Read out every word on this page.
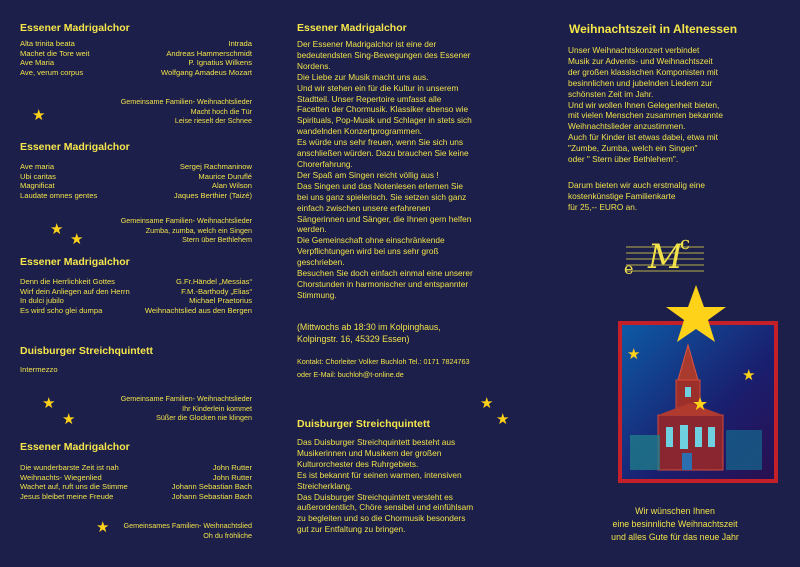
Essener Madrigalchor
Alta trinita beata	Intrada
Machet die Tore weit	Andreas Hammerschmidt
Ave Maria	P. Ignatius Wilkens
Ave, verum corpus	Wolfgang Amadeus Mozart
Gemeinsame Familien- Weihnachtslieder
Macht hoch die Tür
Leise rieselt der Schnee
★
Essener Madrigalchor
Ave maria	Sergej Rachmaninow
Ubi caritas	Maurice Duruflé
Magnificat	Alan Wilson
Laudate omnes gentes	Jaques Berthier (Taizé)
Gemeinsame Familien- Weihnachtslieder
Zumba, zumba, welch ein Singen
Stern über Bethlehem
★
★
Essener Madrigalchor
Denn die Herrlichkeit Gottes	G.Fr.Händel „Messias“
Wirf dein Anliegen auf den Herrn	F.M.-Barthody „Elias“
In dulci jubilo	Michael Praetorius
Es wird scho glei dumpa	Weihnachtslied aus den Bergen
Duisburger Streichquintett
Intermezzo
Gemeinsame Familien- Weihnachtslieder
Ihr Kinderlein kommet
Süßer die Glocken nie klingen
★
★
Essener Madrigalchor
Die wunderbarste Zeit ist nah	John Rutter
Weihnachts- Wiegenlied	John Rutter
Wachet auf, ruft uns die Stimme	Johann Sebastian Bach
Jesus bleibet meine Freude	Johann Sebastian Bach
Gemeinsames Familien- Weihnachtslied
Oh du fröhliche
★
Essener Madrigalchor
Der Essener Madrigalchor ist eine der
bedeutendsten Sing-Bewegungen des Essener
Nordens.
Die Liebe zur Musik macht uns aus.
Und wir stehen ein für die Kultur in unserem
Stadtteil. Unser Repertoire umfasst alle
Facetten der Chormusik. Klassiker ebenso wie
Spirituals, Pop-Musik und Schlager in stets sich
wandelnden Konzertprogrammen.
Es würde uns sehr freuen, wenn Sie sich uns
anschließen würden. Dazu brauchen Sie keine
Chorerfahrung.
Der Spaß am Singen reicht völlig aus !
Das Singen und das Notenlesen erlernen Sie
bei uns ganz spielerisch. Sie setzen sich ganz
einfach zwischen unsere erfahrenen
Sängerinnen und Sänger, die Ihnen gern helfen
werden.
Die Gemeinschaft ohne einschränkende
Verpflichtungen wird bei uns sehr groß
geschrieben.
Besuchen Sie doch einfach einmal eine unserer
Chorstunden in harmonischer und entspannter
Stimmung.
(Mittwochs ab 18:30 im Kolpinghaus,
Kolpingstr. 16, 45329 Essen)
Kontakt: Chorleiter Volker Buchloh Tel.: 0171 7824763
oder E-Mail: buchloh@t-online.de
★
★
Duisburger Streichquintett
Das Duisburger Streichquintett besteht aus
Musikerinnen und Musikern der großen
Kulturorchester des Ruhrgebiets.
Es ist bekannt für seinen warmen, intensiven
Streicherklang.
Das Duisburger Streichquintett versteht es
außerordentlich, Chöre sensibel und einfühlsam
zu begleiten und so die Chormusik besonders
gut zur Entfaltung zu bringen.
Weihnachtszeit in Altenessen
Unser Weihnachtskonzert verbindet
Musik zur Advents- und Weihnachtszeit
der großen klassischen Komponisten mit
besinnlichen und jubelnden Liedern zur
schönsten Zeit im Jahr.
Und wir wollen Ihnen Gelegenheit bieten,
mit vielen Menschen zusammen bekannte
Weihnachtslieder anzustimmen.
Auch für Kinder ist etwas dabei, etwa mit
"Zumbe, Zumba, welch ein Singen"
oder " Stern über Bethlehem".
Darum bieten wir auch erstmalig eine
kostenkünstige Familienkarte
für 25,-- EURO an.
e M
c
★
★
★
Wir wünschen Ihnen
eine besinnliche Weihnachtszeit
und alles Gute für das neue Jahr
